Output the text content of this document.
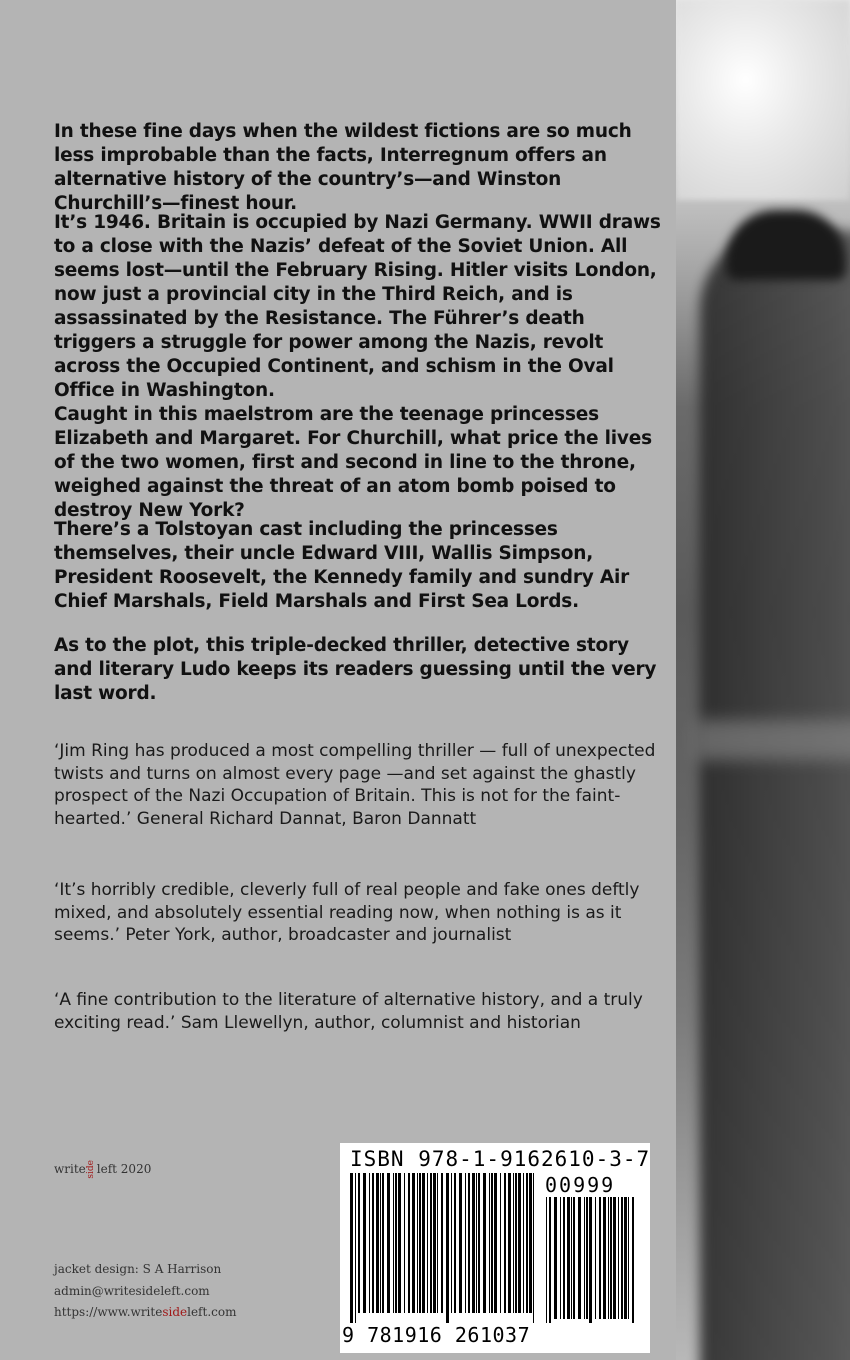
In these fine days when the wildest fictions are so much less improbable than the facts, Interregnum offers an alternative history of the country’s—and Winston Churchill’s—finest hour.

It’s 1946. Britain is occupied by Nazi Germany. WWII draws to a close with the Nazis’ defeat of the Soviet Union. All seems lost—until the February Rising. Hitler visits London, now just a provincial city in the Third Reich, and is assassinated by the Resistance. The Führer’s death triggers a struggle for power among the Nazis, revolt across the Occupied Continent, and schism in the Oval Office in Washington.

Caught in this maelstrom are the teenage princesses Elizabeth and Margaret. For Churchill, what price the lives of the two women, first and second in line to the throne, weighed against the threat of an atom bomb poised to destroy New York?

There’s a Tolstoyan cast including the princesses themselves, their uncle Edward VIII, Wallis Simpson, President Roosevelt, the Kennedy family and sundry Air Chief Marshals, Field Marshals and First Sea Lords.

As to the plot, this triple-decked thriller, detective story and literary Ludo keeps its readers guessing until the very last word.

‘Jim Ring has produced a most compelling thriller — full of unexpected twists and turns on almost every page —and set against the ghastly prospect of the Nazi Occupation of Britain. This is not for the faint-hearted.’ General Richard Dannat, Baron Dannatt

‘It’s horribly credible, cleverly full of real people and fake ones deftly mixed, and absolutely essential reading now, when nothing is as it seems.’ Peter York, author, broadcaster and journalist

‘A fine contribution to the literature of alternative history, and a truly exciting read.’ Sam Llewellyn, author, columnist and historian

write side left 2020
jacket design: S A Harrison
admin@writesideleft.com
https://www.writesideleft.com
ISBN 978-1-9162610-3-7
00999
9 781916 261037
